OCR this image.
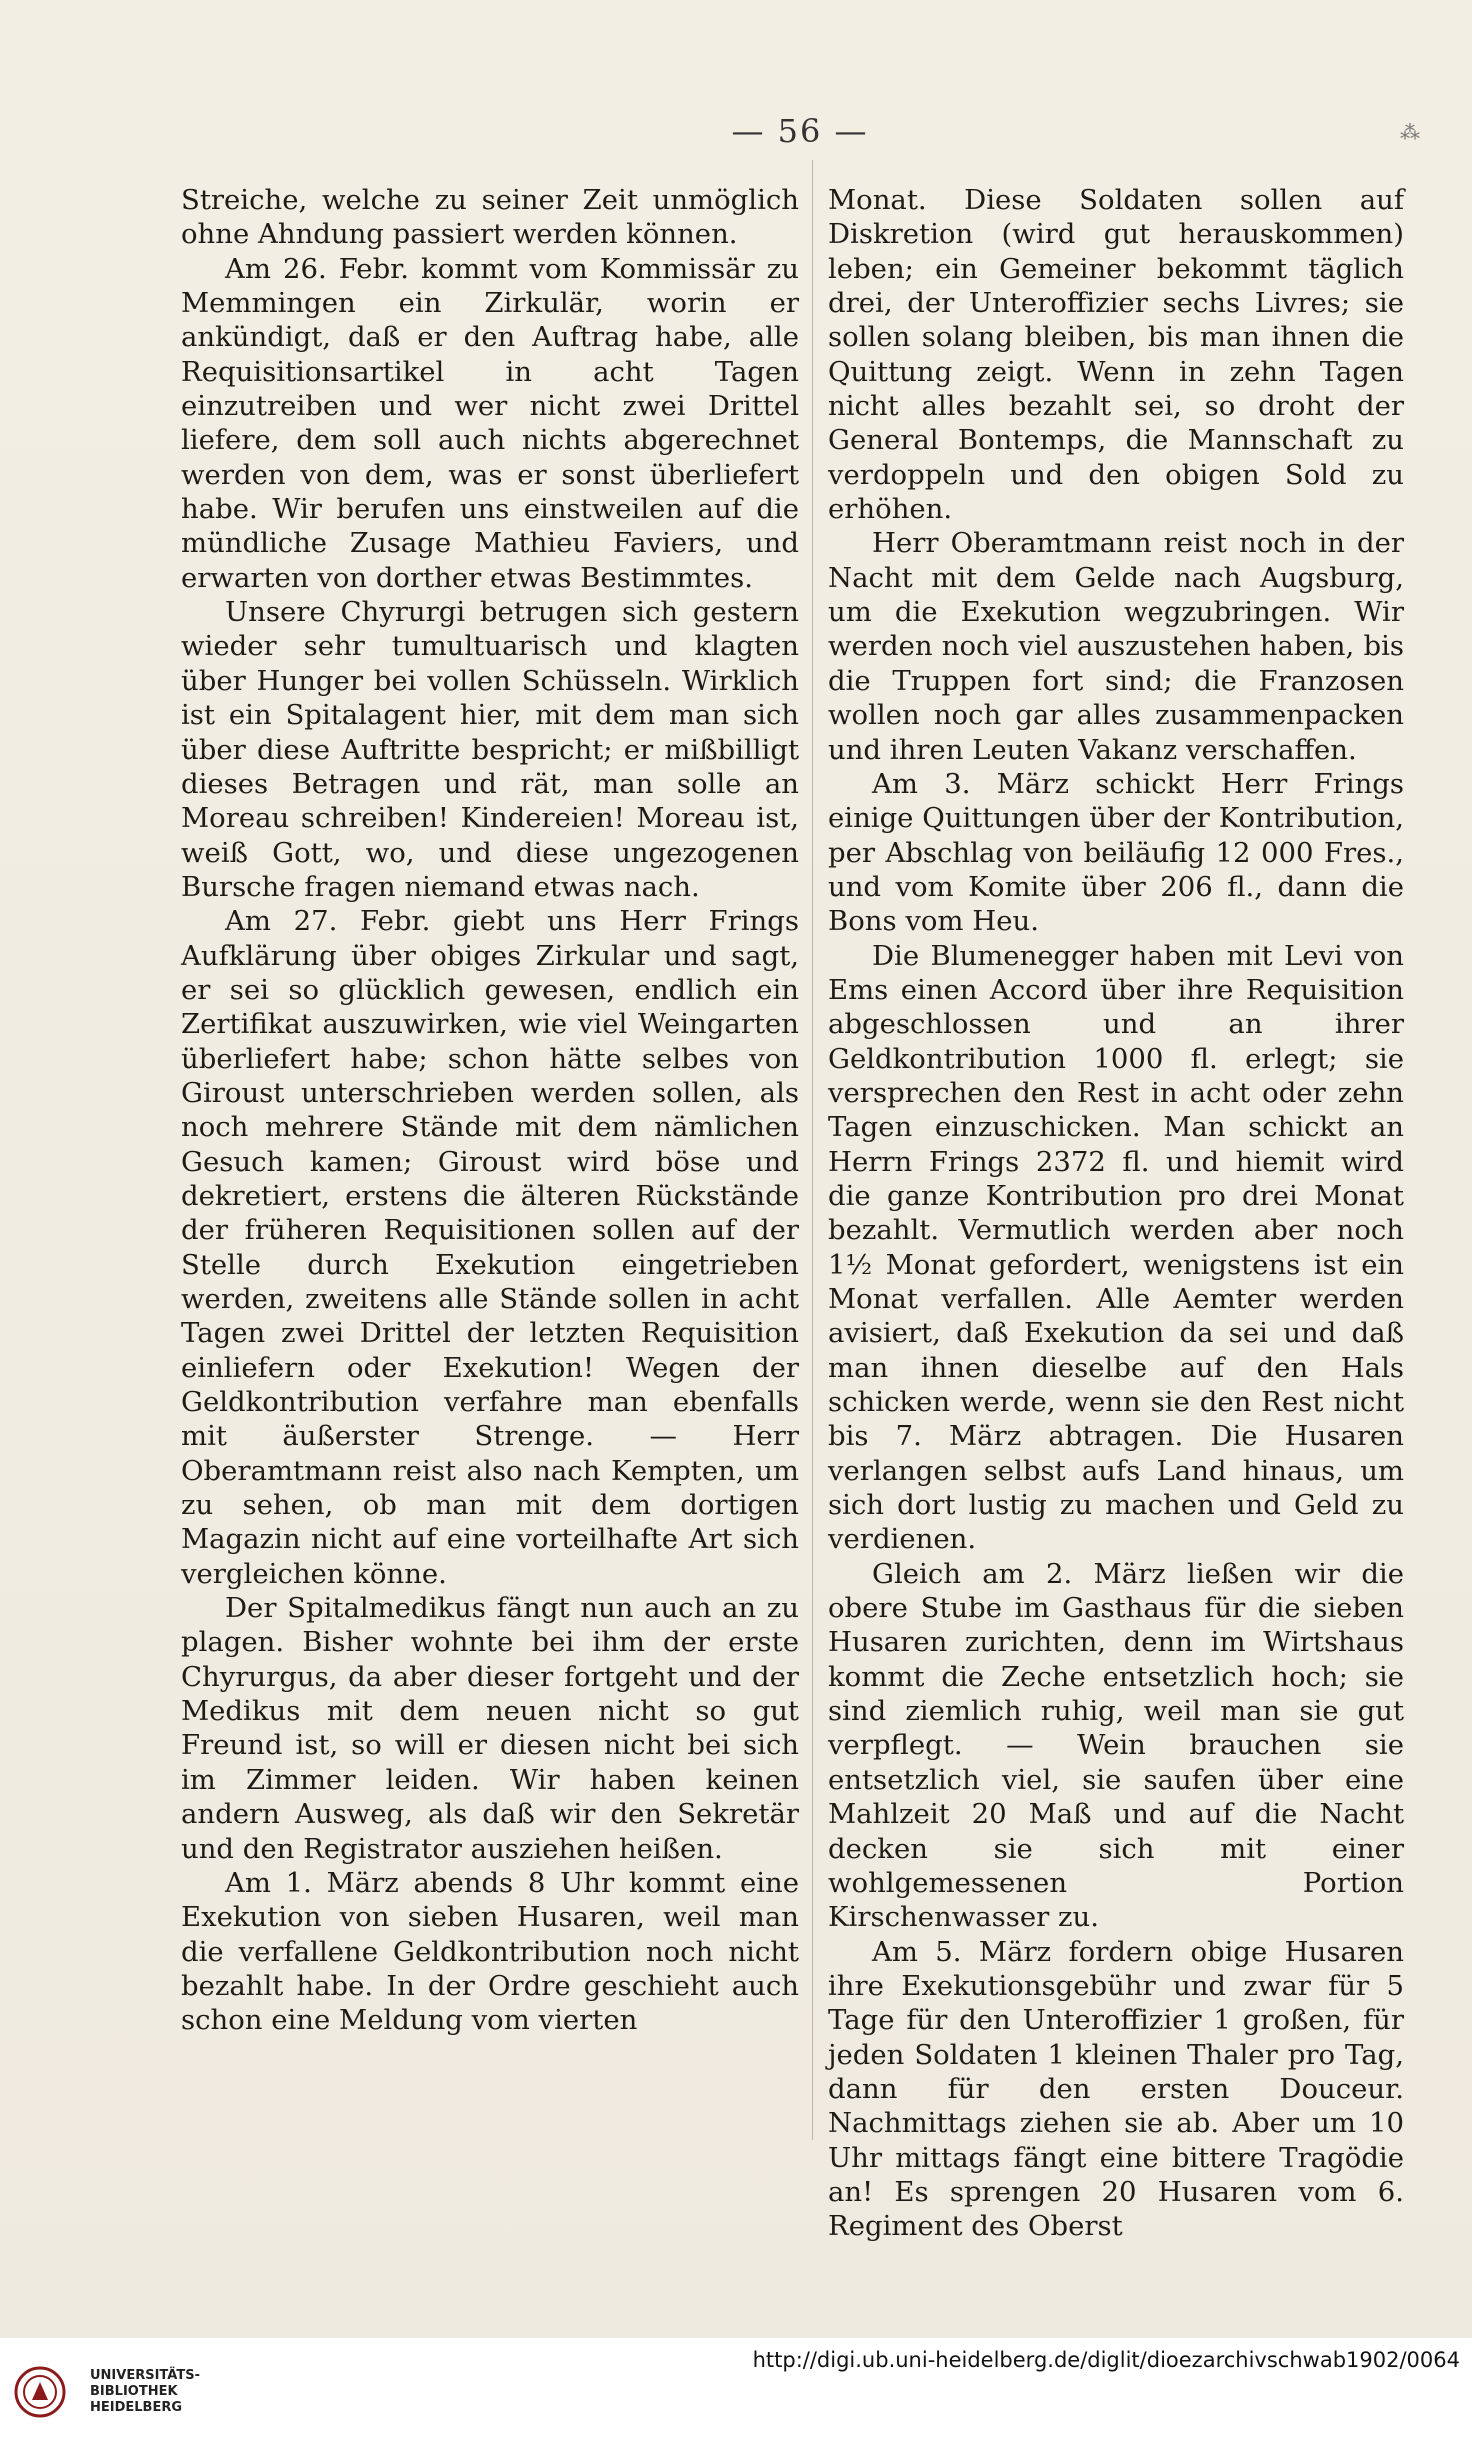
— 56 —	⁂

Streiche, welche zu seiner Zeit unmöglich ohne Ahndung passiert werden können.

Am 26. Febr. kommt vom Kommissär zu Memmingen ein Zirkulär, worin er ankündigt, daß er den Auftrag habe, alle Requisitionsartikel in acht Tagen einzutreiben und wer nicht zwei Drittel liefere, dem soll auch nichts abgerechnet werden von dem, was er sonst überliefert habe. Wir berufen uns einstweilen auf die mündliche Zusage Mathieu Faviers, und erwarten von dorther etwas Bestimmtes.

Unsere Chyrurgi betrugen sich gestern wieder sehr tumultuarisch und klagten über Hunger bei vollen Schüsseln. Wirklich ist ein Spitalagent hier, mit dem man sich über diese Auftritte bespricht; er mißbilligt dieses Betragen und rät, man solle an Moreau schreiben! Kindereien! Moreau ist, weiß Gott, wo, und diese ungezogenen Bursche fragen niemand etwas nach.

Am 27. Febr. giebt uns Herr Frings Aufklärung über obiges Zirkular und sagt, er sei so glücklich gewesen, endlich ein Zertifikat auszuwirken, wie viel Weingarten überliefert habe; schon hätte selbes von Giroust unterschrieben werden sollen, als noch mehrere Stände mit dem nämlichen Gesuch kamen; Giroust wird böse und dekretiert, erstens die älteren Rückstände der früheren Requisitionen sollen auf der Stelle durch Exekution eingetrieben werden, zweitens alle Stände sollen in acht Tagen zwei Drittel der letzten Requisition einliefern oder Exekution! Wegen der Geldkontribution verfahre man ebenfalls mit äußerster Strenge. — Herr Oberamtmann reist also nach Kempten, um zu sehen, ob man mit dem dortigen Magazin nicht auf eine vorteilhafte Art sich vergleichen könne.

Der Spitalmedikus fängt nun auch an zu plagen. Bisher wohnte bei ihm der erste Chyrurgus, da aber dieser fortgeht und der Medikus mit dem neuen nicht so gut Freund ist, so will er diesen nicht bei sich im Zimmer leiden. Wir haben keinen andern Ausweg, als daß wir den Sekretär und den Registrator ausziehen heißen.

Am 1. März abends 8 Uhr kommt eine Exekution von sieben Husaren, weil man die verfallene Geldkontribution noch nicht bezahlt habe. In der Ordre geschieht auch schon eine Meldung vom vierten

Monat. Diese Soldaten sollen auf Diskretion (wird gut herauskommen) leben; ein Gemeiner bekommt täglich drei, der Unteroffizier sechs Livres; sie sollen solang bleiben, bis man ihnen die Quittung zeigt. Wenn in zehn Tagen nicht alles bezahlt sei, so droht der General Bontemps, die Mannschaft zu verdoppeln und den obigen Sold zu erhöhen.

Herr Oberamtmann reist noch in der Nacht mit dem Gelde nach Augsburg, um die Exekution wegzubringen. Wir werden noch viel auszustehen haben, bis die Truppen fort sind; die Franzosen wollen noch gar alles zusammenpacken und ihren Leuten Vakanz verschaffen.

Am 3. März schickt Herr Frings einige Quittungen über der Kontribution, per Abschlag von beiläufig 12 000 Fres., und vom Komite über 206 fl., dann die Bons vom Heu.

Die Blumenegger haben mit Levi von Ems einen Accord über ihre Requisition abgeschlossen und an ihrer Geldkontribution 1000 fl. erlegt; sie versprechen den Rest in acht oder zehn Tagen einzuschicken. Man schickt an Herrn Frings 2372 fl. und hiemit wird die ganze Kontribution pro drei Monat bezahlt. Vermutlich werden aber noch 1½ Monat gefordert, wenigstens ist ein Monat verfallen. Alle Aemter werden avisiert, daß Exekution da sei und daß man ihnen dieselbe auf den Hals schicken werde, wenn sie den Rest nicht bis 7. März abtragen. Die Husaren verlangen selbst aufs Land hinaus, um sich dort lustig zu machen und Geld zu verdienen.

Gleich am 2. März ließen wir die obere Stube im Gasthaus für die sieben Husaren zurichten, denn im Wirtshaus kommt die Zeche entsetzlich hoch; sie sind ziemlich ruhig, weil man sie gut verpflegt. — Wein brauchen sie entsetzlich viel, sie saufen über eine Mahlzeit 20 Maß und auf die Nacht decken sie sich mit einer wohlgemessenen Portion Kirschenwasser zu.

Am 5. März fordern obige Husaren ihre Exekutionsgebühr und zwar für 5 Tage für den Unteroffizier 1 großen, für jeden Soldaten 1 kleinen Thaler pro Tag, dann für den ersten Douceur. Nachmittags ziehen sie ab. Aber um 10 Uhr mittags fängt eine bittere Tragödie an! Es sprengen 20 Husaren vom 6. Regiment des Oberst

UNIVERSITÄTS-
BIBLIOTHEK
HEIDELBERG
http://digi.ub.uni-heidelberg.de/diglit/dioezarchivschwab1902/0064
